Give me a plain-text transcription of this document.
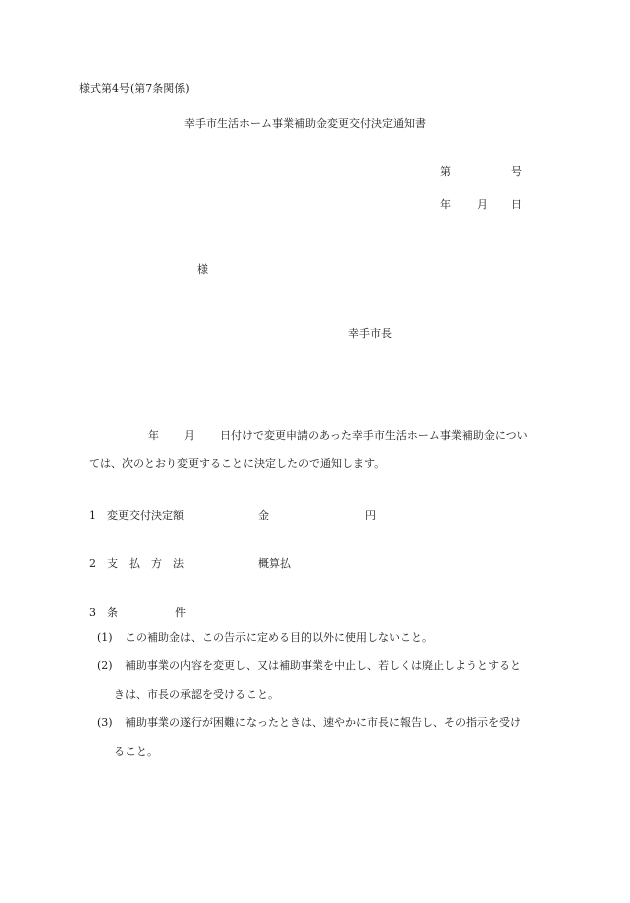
様式第4号(第7条関係)
幸手市生活ホーム事業補助金変更交付決定通知書
第	号
年 月 日
様
幸手市長
年 月 日付けで変更申請のあった幸手市生活ホーム事業補助金につい
ては、次のとおり変更することに決定したので通知します。
1 変更交付決定額	金	円
2 支　払　方　法	概算払
3 条	件
(1) この補助金は、この告示に定める目的以外に使用しないこと。
(2) 補助事業の内容を変更し、又は補助事業を中止し、若しくは廃止しようとすると
きは、市長の承認を受けること。
(3) 補助事業の遂行が困難になったときは、速やかに市長に報告し、その指示を受け
ること。
